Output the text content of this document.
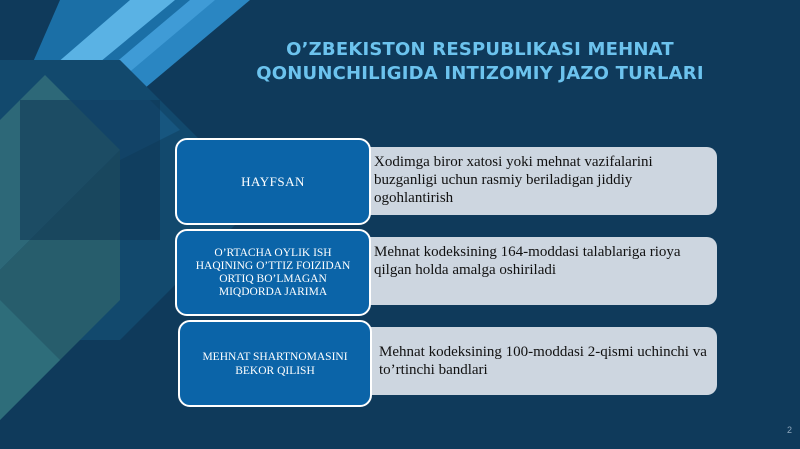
O’ZBEKISTON RESPUBLIKASI MEHNAT
QONUNCHILIGIDA INTIZOMIY JAZO TURLARI
Xodimga biror xatosi yoki mehnat vazifalarini buzganligi uchun rasmiy beriladigan jiddiy ogohlantirish
HAYFSAN
Mehnat kodeksining 164-moddasi talablariga rioya qilgan holda amalga oshiriladi
O’RTACHA OYLIK ISH HAQINING O’TTIZ FOIZIDAN ORTIQ BO’LMAGAN MIQDORDA JARIMA
Mehnat kodeksining 100-moddasi 2-qismi uchinchi va to’rtinchi bandlari
MEHNAT SHARTNOMASINI BEKOR QILISH
2
